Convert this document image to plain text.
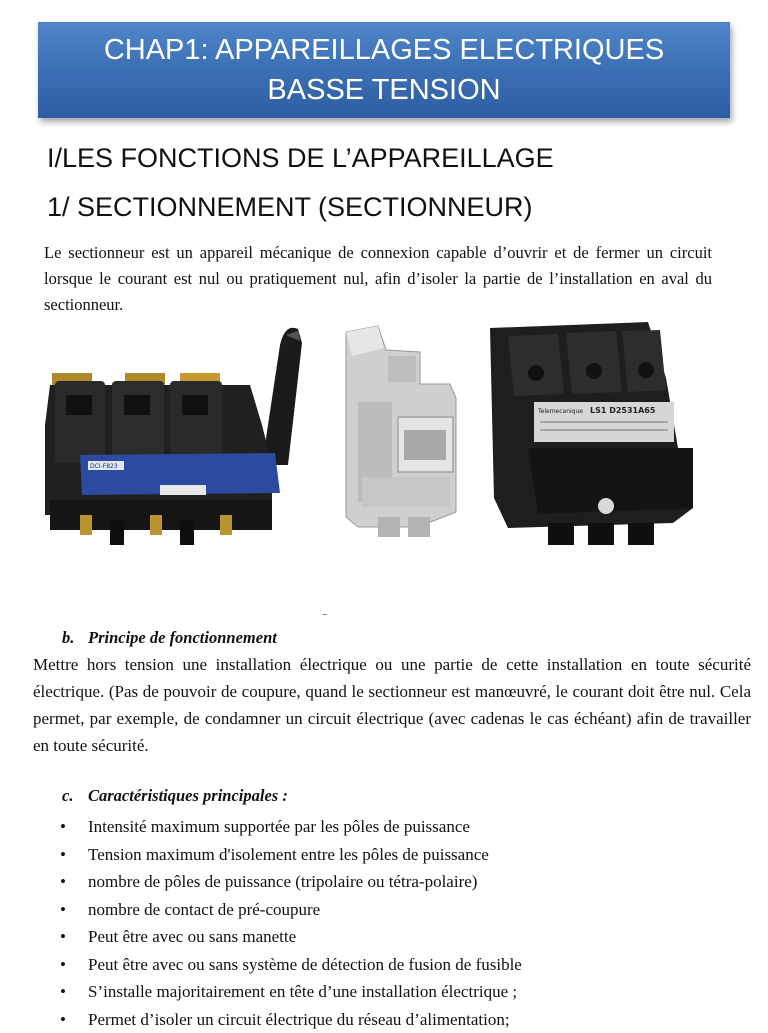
CHAP1: APPAREILLAGES ELECTRIQUES
BASSE TENSION
I/LES FONCTIONS DE L’APPAREILLAGE
1/ SECTIONNEMENT (SECTIONNEUR)
Le sectionneur est un appareil mécanique de connexion capable d’ouvrir et de fermer un circuit lorsque le courant est nul ou pratiquement nul, afin d’isoler la partie de l’installation en aval du sectionneur.
DCI-F823
Telemecanique LS1 D2531A65
b. Principe de fonctionnement
Mettre hors tension une installation électrique ou une partie de cette installation en toute sécurité électrique. (Pas de pouvoir de coupure, quand le sectionneur est manœuvré, le courant doit être nul. Cela permet, par exemple, de condamner un circuit électrique (avec cadenas le cas échéant) afin de travailler en toute sécurité.
c. Caractéristiques principales :
• Intensité maximum supportée par les pôles de puissance
• Tension maximum d'isolement entre les pôles de puissance
• nombre de pôles de puissance (tripolaire ou tétra-polaire)
• nombre de contact de pré-coupure
• Peut être avec ou sans manette
• Peut être avec ou sans système de détection de fusion de fusible
• S’installe majoritairement en tête d’une installation électrique ;
• Permet d’isoler un circuit électrique du réseau d’alimentation;
